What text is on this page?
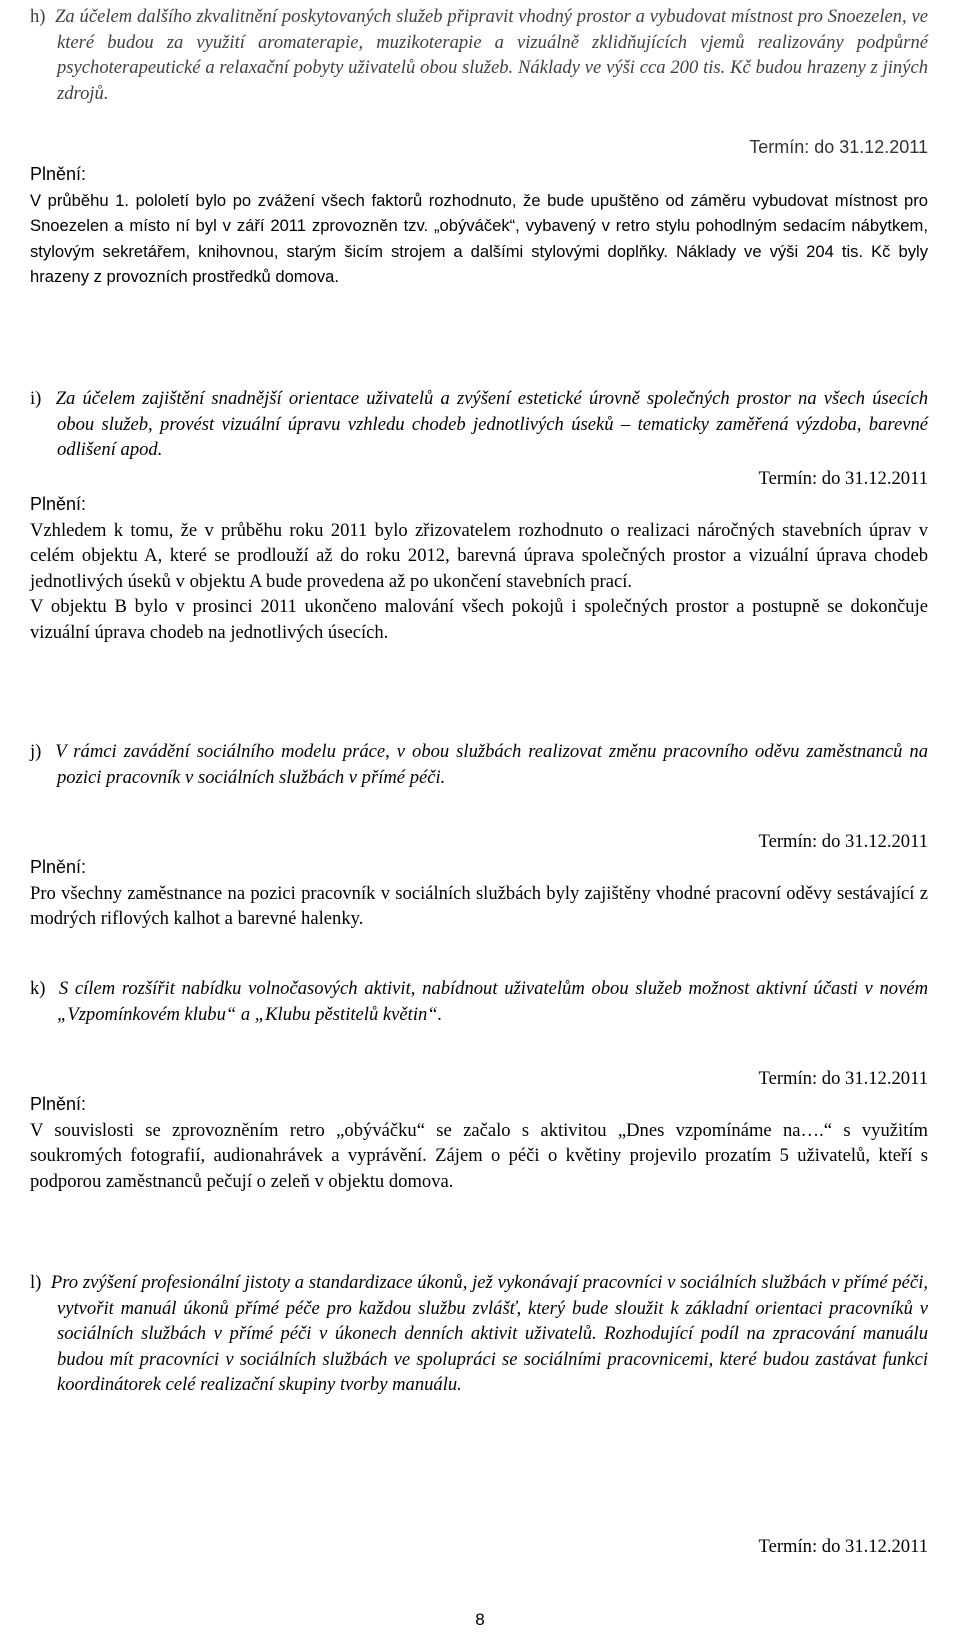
h) Za účelem dalšího zkvalitnění poskytovaných služeb připravit vhodný prostor a vybudovat místnost pro Snoezelen, ve které budou za využití aromaterapie, muzikoterapie a vizuálně zklidňujících vjemů realizovány podpůrné psychoterapeutické a relaxační pobyty uživatelů obou služeb. Náklady ve výši cca 200 tis. Kč budou hrazeny z jiných zdrojů.

Termín: do 31.12.2011

Plnění:

V průběhu 1. pololetí bylo po zvážení všech faktorů rozhodnuto, že bude upuštěno od záměru vybudovat místnost pro Snoezelen a místo ní byl v září 2011 zprovozněn tzv. „obýváček“, vybavený v retro stylu pohodlným sedacím nábytkem, stylovým sekretářem, knihovnou, starým šicím strojem a dalšími stylovými doplňky. Náklady ve výši 204 tis. Kč byly hrazeny z provozních prostředků domova.

i) Za účelem zajištění snadnější orientace uživatelů a zvýšení estetické úrovně společných prostor na všech úsecích obou služeb, provést vizuální úpravu vzhledu chodeb jednotlivých úseků – tematicky zaměřená výzdoba, barevné odlišení apod.

Termín: do 31.12.2011

Plnění:

Vzhledem k tomu, že v průběhu roku 2011 bylo zřizovatelem rozhodnuto o realizaci náročných stavebních úprav v celém objektu A, které se prodlouží až do roku 2012, barevná úprava společných prostor a vizuální úprava chodeb jednotlivých úseků v objektu A bude provedena až po ukončení stavebních prací.

V objektu B bylo v prosinci 2011 ukončeno malování všech pokojů i společných prostor a postupně se dokončuje vizuální úprava chodeb na jednotlivých úsecích.

j) V rámci zavádění sociálního modelu práce, v obou službách realizovat změnu pracovního oděvu zaměstnanců na pozici pracovník v sociálních službách v přímé péči.

Termín: do 31.12.2011

Plnění:

Pro všechny zaměstnance na pozici pracovník v sociálních službách byly zajištěny vhodné pracovní oděvy sestávající z modrých riflových kalhot a barevné halenky.

k) S cílem rozšířit nabídku volnočasových aktivit, nabídnout uživatelům obou služeb možnost aktivní účasti v novém „Vzpomínkovém klubu“ a „Klubu pěstitelů květin“.

Termín: do 31.12.2011

Plnění:

V souvislosti se zprovozněním retro „obýváčku“ se začalo s aktivitou „Dnes vzpomínáme na….“ s využitím soukromých fotografií, audionahrávek a vyprávění. Zájem o péči o květiny projevilo prozatím 5 uživatelů, kteří s podporou zaměstnanců pečují o zeleň v objektu domova.

l) Pro zvýšení profesionální jistoty a standardizace úkonů, jež vykonávají pracovníci v sociálních službách v přímé péči, vytvořit manuál úkonů přímé péče pro každou službu zvlášť, který bude sloužit k základní orientaci pracovníků v sociálních službách v přímé péči v úkonech denních aktivit uživatelů. Rozhodující podíl na zpracování manuálu budou mít pracovníci v sociálních službách ve spolupráci se sociálními pracovnicemi, které budou zastávat funkci koordinátorek celé realizační skupiny tvorby manuálu.

Termín: do 31.12.2011

8
